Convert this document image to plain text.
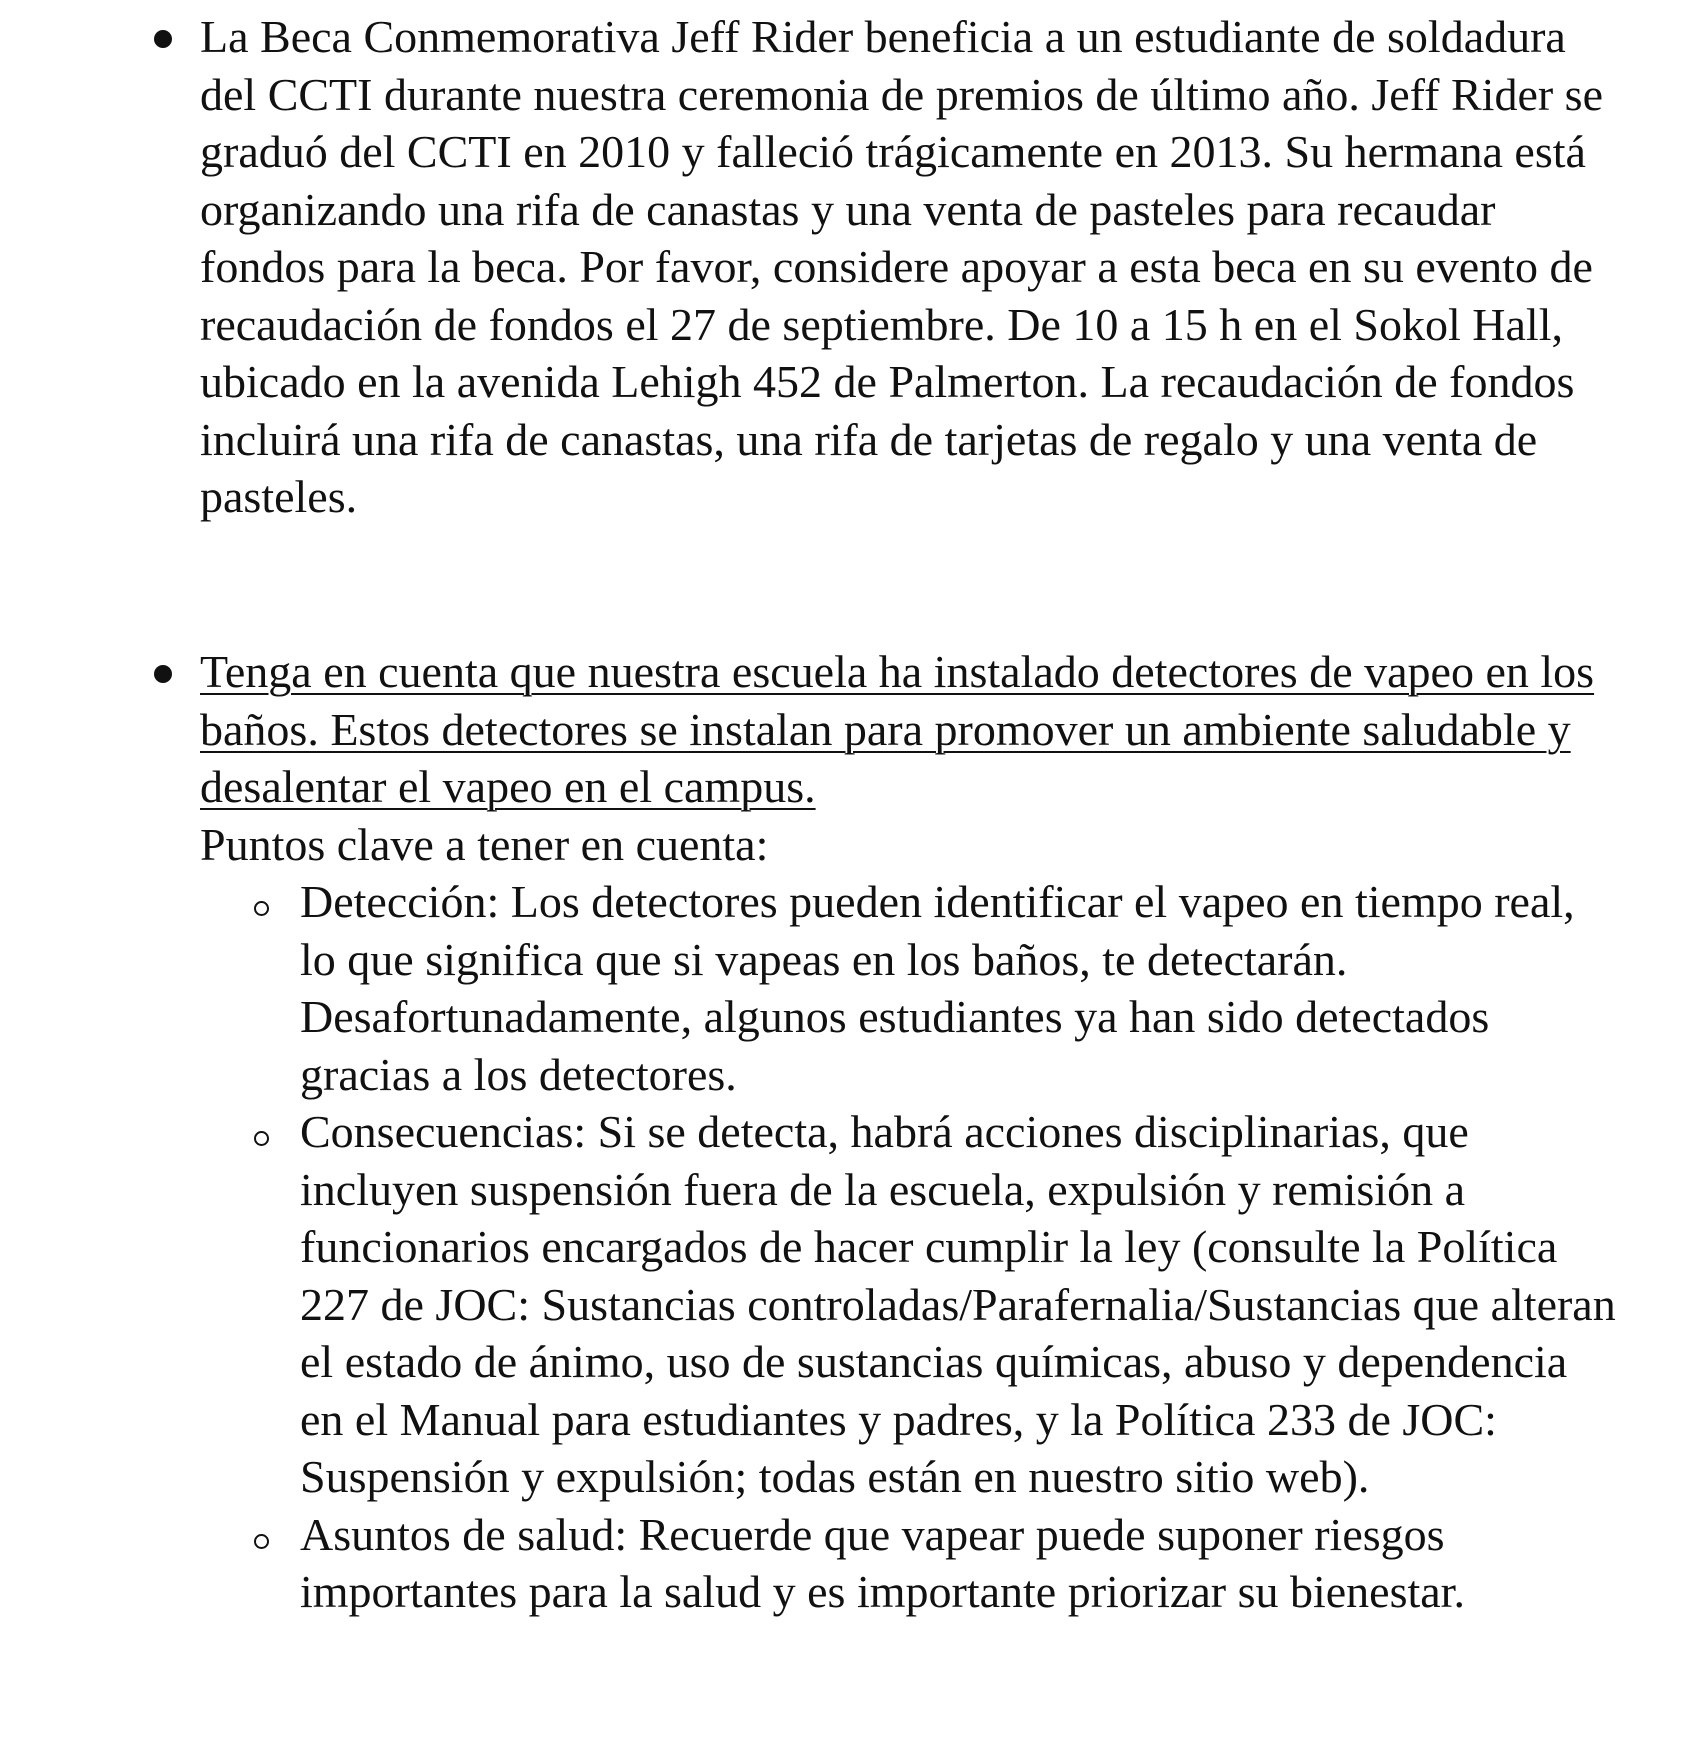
La Beca Conmemorativa Jeff Rider beneficia a un estudiante de soldadura del CCTI durante nuestra ceremonia de premios de último año. Jeff Rider se graduó del CCTI en 2010 y falleció trágicamente en 2013. Su hermana está organizando una rifa de canastas y una venta de pasteles para recaudar fondos para la beca. Por favor, considere apoyar a esta beca en su evento de recaudación de fondos el 27 de septiembre. De 10 a 15 h en el Sokol Hall, ubicado en la avenida Lehigh 452 de Palmerton. La recaudación de fondos incluirá una rifa de canastas, una rifa de tarjetas de regalo y una venta de pasteles.
Tenga en cuenta que nuestra escuela ha instalado detectores de vapeo en los baños. Estos detectores se instalan para promover un ambiente saludable y desalentar el vapeo en el campus.
Puntos clave a tener en cuenta:
Detección: Los detectores pueden identificar el vapeo en tiempo real, lo que significa que si vapeas en los baños, te detectarán. Desafortunadamente, algunos estudiantes ya han sido detectados gracias a los detectores.
Consecuencias: Si se detecta, habrá acciones disciplinarias, que incluyen suspensión fuera de la escuela, expulsión y remisión a funcionarios encargados de hacer cumplir la ley (consulte la Política 227 de JOC: Sustancias controladas/Parafernalia/Sustancias que alteran el estado de ánimo, uso de sustancias químicas, abuso y dependencia en el Manual para estudiantes y padres, y la Política 233 de JOC: Suspensión y expulsión; todas están en nuestro sitio web).
Asuntos de salud: Recuerde que vapear puede suponer riesgos importantes para la salud y es importante priorizar su bienestar.
